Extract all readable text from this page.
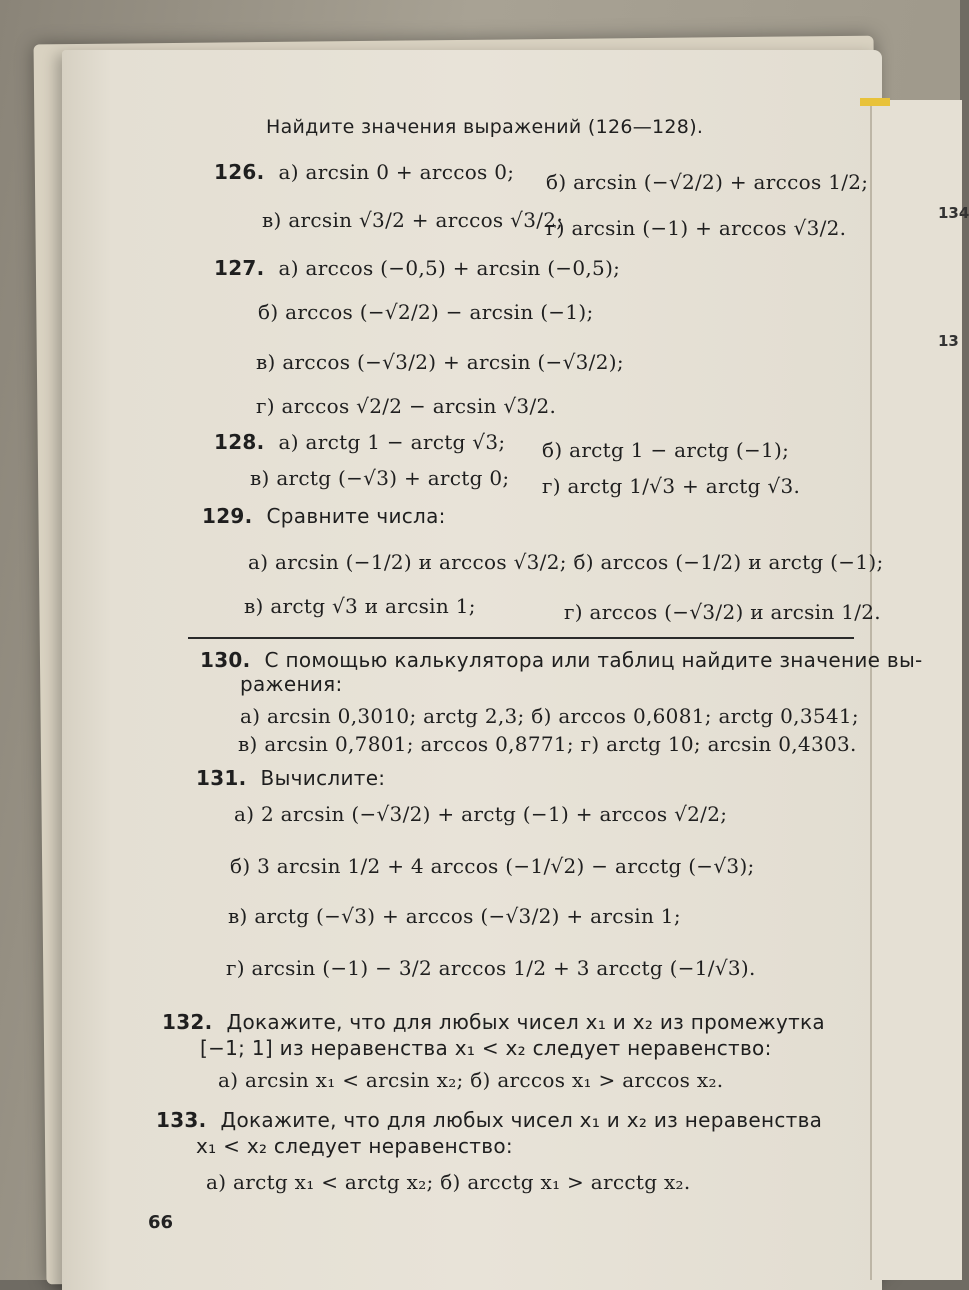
134
13
Найдите значения выражений (126—128).
126. а) arcsin 0 + arccos 0; б) arcsin (−√2/2) + arccos 1/2;
в) arcsin √3/2 + arccos √3/2;
г) arcsin (−1) + arccos √3/2.
127. а) arccos (−0,5) + arcsin (−0,5);
б) arccos (−√2/2) − arcsin (−1);
в) arccos (−√3/2) + arcsin (−√3/2);
г) arccos √2/2 − arcsin √3/2.
128. а) arctg 1 − arctg √3; б) arctg 1 − arctg (−1);
в) arctg (−√3) + arctg 0; г) arctg 1/√3 + arctg √3.
129. Сравните числа:
а) arcsin (−1/2) и arccos √3/2; б) arccos (−1/2) и arctg (−1);
в) arctg √3 и arcsin 1;	г) arccos (−√3/2) и arcsin 1/2.
130. С помощью калькулятора или таблиц найдите значение вы-
ражения:
а) arcsin 0,3010; arctg 2,3; б) arccos 0,6081; arctg 0,3541;
в) arcsin 0,7801; arccos 0,8771; г) arctg 10; arcsin 0,4303.
131. Вычислите:
а) 2 arcsin (−√3/2) + arctg (−1) + arccos √2/2;
б) 3 arcsin 1/2 + 4 arccos (−1/√2) − arcctg (−√3);
в) arctg (−√3) + arccos (−√3/2) + arcsin 1;
г) arcsin (−1) − 3/2 arccos 1/2 + 3 arcctg (−1/√3).
132. Докажите, что для любых чисел x₁ и x₂ из промежутка
[−1; 1] из неравенства x₁ < x₂ следует неравенство:
а) arcsin x₁ < arcsin x₂; б) arccos x₁ > arccos x₂.
133. Докажите, что для любых чисел x₁ и x₂ из неравенства
x₁ < x₂ следует неравенство:
а) arctg x₁ < arctg x₂; б) arcctg x₁ > arcctg x₂.
66
